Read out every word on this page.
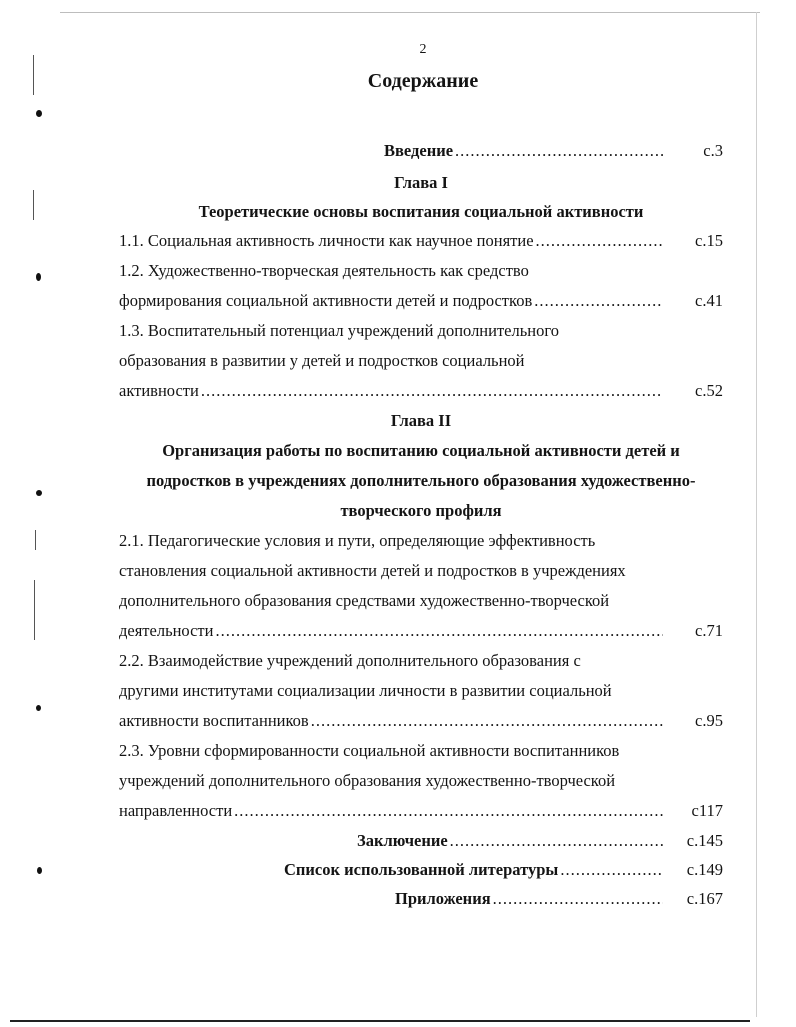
2
Содержание
Введение .....	с.3
Глава I
Теоретические основы воспитания социальной активности
1.1. Социальная активность личности как научное понятие .....	с.15
1.2. Художественно-творческая деятельность как средство
формирования социальной активности детей и подростков .....	с.41
1.3. Воспитательный потенциал учреждений дополнительного
образования в развитии у детей и подростков социальной
активности .....	с.52
Глава II
Организация работы по воспитанию социальной активности детей и
подростков в учреждениях дополнительного образования художественно-
творческого профиля
2.1. Педагогические условия и пути, определяющие эффективность
становления социальной активности детей и подростков в учреждениях
дополнительного образования средствами художественно-творческой
деятельности .....	с.71
2.2. Взаимодействие учреждений дополнительного образования с
другими институтами социализации личности в развитии социальной
активности воспитанников .....	с.95
2.3. Уровни сформированности социальной активности воспитанников
учреждений дополнительного образования художественно-творческой
направленности .....	с117
Заключение .....	с.145
Список использованной литературы .....	с.149
Приложения .....	с.167
